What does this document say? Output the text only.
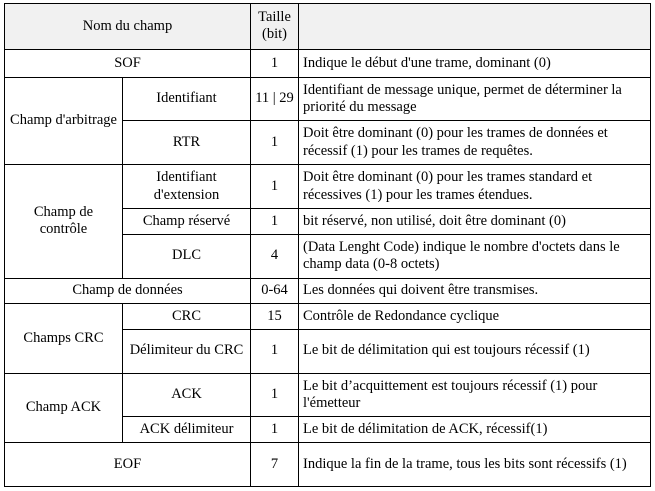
Nom du champ		Taille (bit)	
SOF		1	Indique le début d'une trame, dominant (0)
Champ d'arbitrage	Identifiant	11 | 29	Identifiant de message unique, permet de déterminer la priorité du message
	RTR	1	Doit être dominant (0) pour les trames de données et récessif (1) pour les trames de requêtes.
Champ de contrôle	Identifiant d'extension	1	Doit être dominant (0) pour les trames standard et récessives (1) pour les trames étendues.
	Champ réservé	1	bit réservé, non utilisé, doit être dominant (0)
	DLC	4	(Data Lenght Code) indique le nombre d'octets dans le champ data (0-8 octets)
Champ de données		0-64	Les données qui doivent être transmises.
Champs CRC	CRC	15	Contrôle de Redondance cyclique
	Délimiteur du CRC	1	Le bit de délimitation qui est toujours récessif (1)
Champ ACK	ACK	1	Le bit d’acquittement est toujours récessif (1) pour l'émetteur
	ACK délimiteur	1	Le bit de délimitation de ACK, récessif(1)
EOF		7	Indique la fin de la trame, tous les bits sont récessifs (1)
